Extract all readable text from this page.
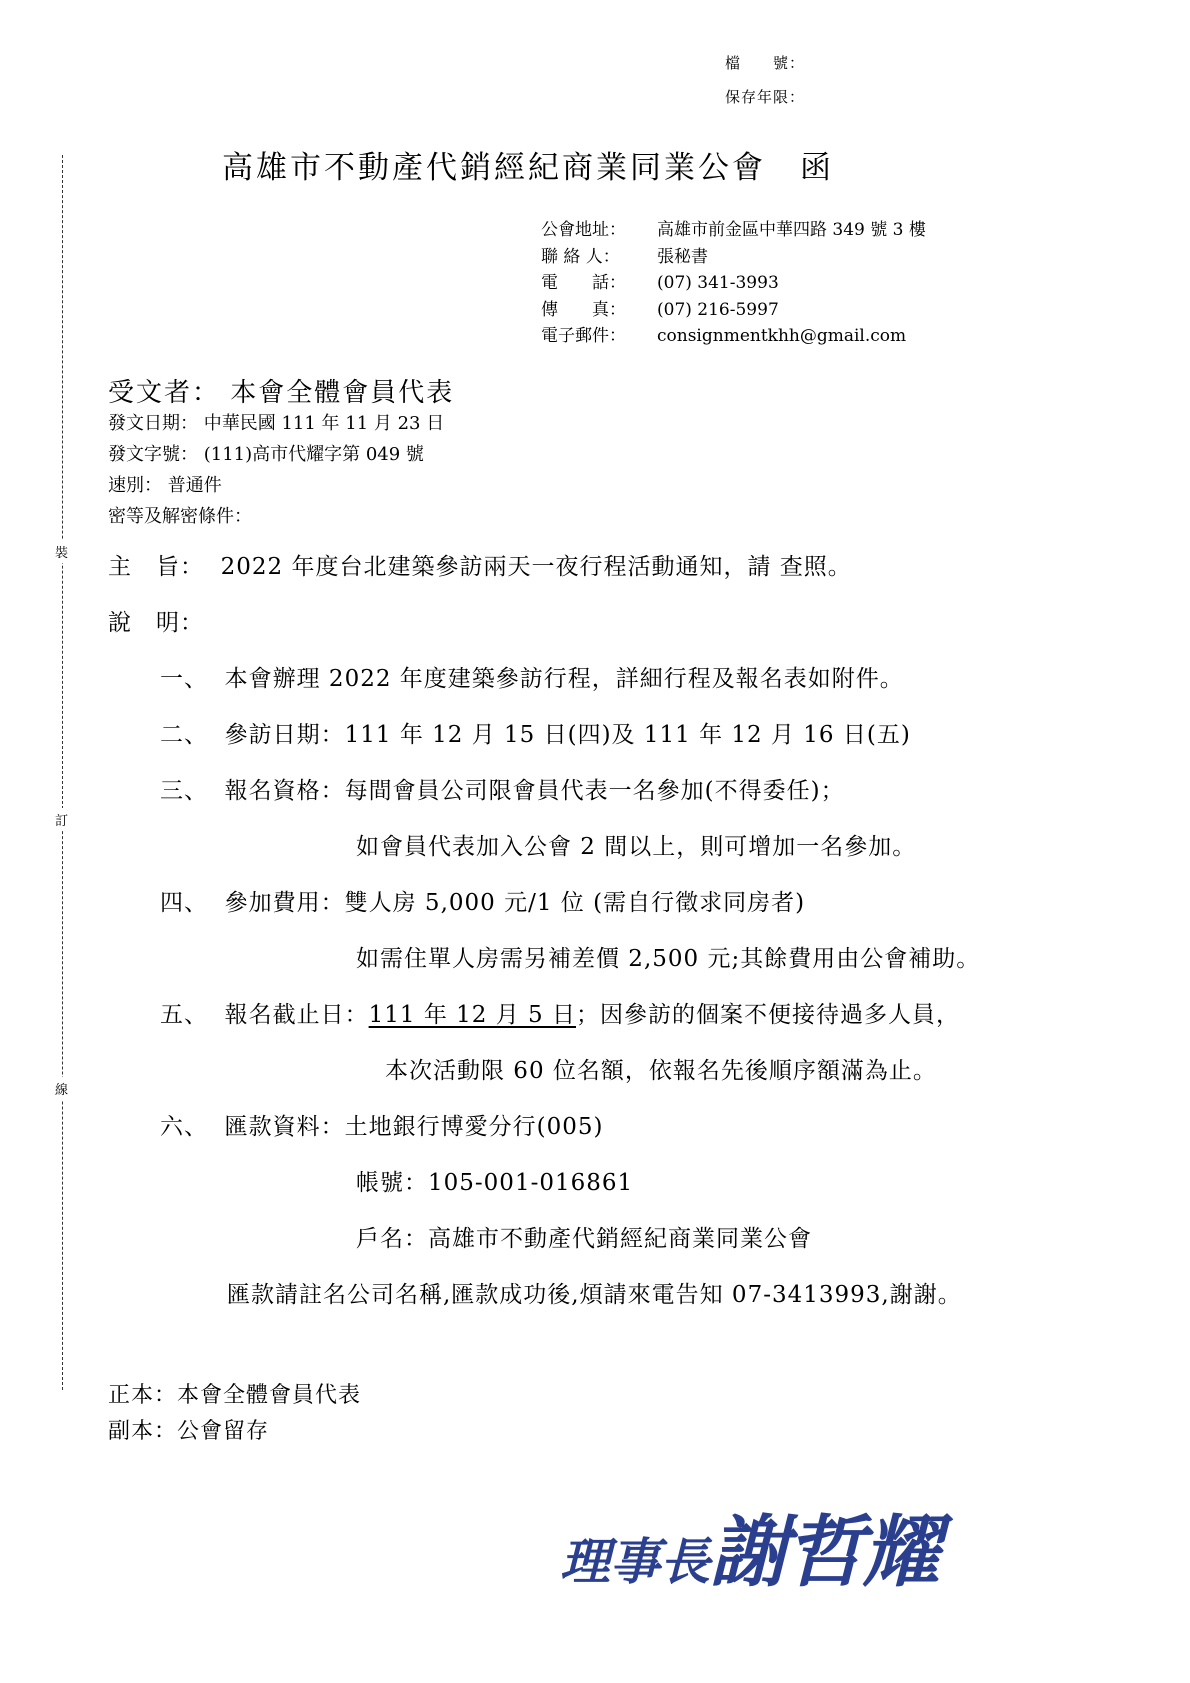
檔　　號：
保存年限：
高雄市不動產代銷經紀商業同業公會　函
公會地址： 高雄市前金區中華四路 349 號 3 樓
聯 絡 人： 張秘書
電　　話： (07) 341-3993
傳　　真： (07) 216-5997
電子郵件： consignmentkhh@gmail.com
受文者： 本會全體會員代表
發文日期： 中華民國 111 年 11 月 23 日
發文字號： (111)高市代耀字第 049 號
速別： 普通件
密等及解密條件：
裝
訂
線
主　旨： 2022 年度台北建築參訪兩天一夜行程活動通知，請 查照。
說　明：
一、 本會辦理 2022 年度建築參訪行程，詳細行程及報名表如附件。
二、 參訪日期：111 年 12 月 15 日(四)及 111 年 12 月 16 日(五)
三、 報名資格：每間會員公司限會員代表一名參加(不得委任)；
如會員代表加入公會 2 間以上，則可增加一名參加。
四、 參加費用：雙人房 5,000 元/1 位 (需自行徵求同房者)
如需住單人房需另補差價 2,500 元;其餘費用由公會補助。
五、 報名截止日：111 年 12 月 5 日；因參訪的個案不便接待過多人員，
本次活動限 60 位名額，依報名先後順序額滿為止。
六、 匯款資料：土地銀行博愛分行(005)
帳號：105-001-016861
戶名：高雄市不動產代銷經紀商業同業公會
匯款請註名公司名稱,匯款成功後,煩請來電告知 07-3413993,謝謝。
正本：本會全體會員代表
副本：公會留存
理事長謝哲耀
